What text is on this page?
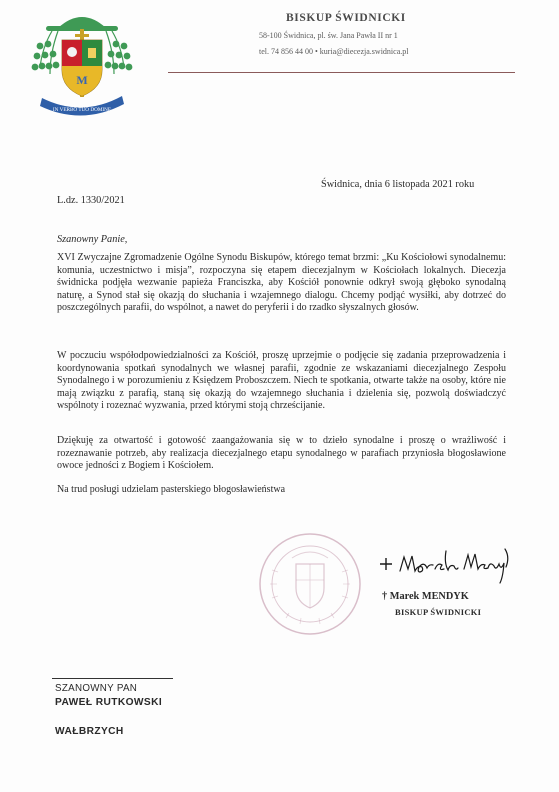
M
IN VERBO TUO DOMINE
BISKUP ŚWIDNICKI
58-100 Świdnica, pl. św. Jana Pawła II nr 1
tel. 74 856 44 00 • kuria@diecezja.swidnica.pl
Świdnica, dnia 6 listopada 2021 roku
L.dz. 1330/2021
Szanowny Panie,

XVI Zwyczajne Zgromadzenie Ogólne Synodu Biskupów, którego temat brzmi: „Ku Kościołowi synodalnemu: komunia, uczestnictwo i misja”, rozpoczyna się etapem diecezjalnym w Kościołach lokalnych. Diecezja świdnicka podjęła wezwanie papieża Franciszka, aby Kościół ponownie odkrył swoją głęboko synodalną naturę, a Synod stał się okazją do słuchania i wzajemnego dialogu. Chcemy podjąć wysiłki, aby dotrzeć do poszczególnych parafii, do wspólnot, a nawet do peryferii i do rzadko słyszalnych głosów.

W poczuciu współodpowiedzialności za Kościół, proszę uprzejmie o podjęcie się zadania przeprowadzenia i koordynowania spotkań synodalnych we własnej parafii, zgodnie ze wskazaniami diecezjalnego Zespołu Synodalnego i w porozumieniu z Księdzem Proboszczem. Niech te spotkania, otwarte także na osoby, które nie mają związku z parafią, staną się okazją do wzajemnego słuchania i dzielenia się, pozwolą doświadczyć wspólnoty i rozeznać wyzwania, przed którymi stoją chrześcijanie.

Dziękuję za otwartość i gotowość zaangażowania się w to dzieło synodalne i proszę o wrażliwość i rozeznawanie potrzeb, aby realizacja diecezjalnego etapu synodalnego w parafiach przyniosła błogosławione owoce jedności z Bogiem i Kościołem.

Na trud posługi udzielam pasterskiego błogosławieństwa
† Marek MENDYK
BISKUP ŚWIDNICKI
SZANOWNY PAN
PAWEŁ RUTKOWSKI
WAŁBRZYCH
